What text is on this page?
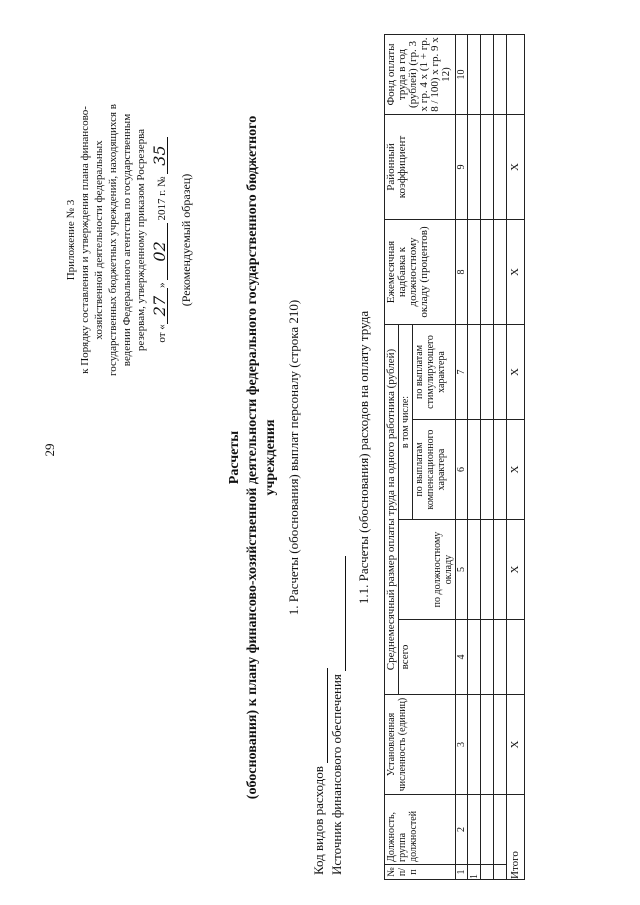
29
Приложение № 3 к Порядку составления и утверждения плана финансово- хозяйственной деятельности федеральных государственных бюджетных учреждений, находящихся в ведении Федерального агентства по государственным резервам, утвержденному приказом Росрезерва от «27» 02 2017 г. № 35
(Рекомендуемый образец)
Расчеты (обоснования) к плану финансово-хозяйственной деятельности федерального государственного бюджетного учреждения 1. Расчеты (обоснования) выплат персоналу (строка 210)
Код видов расходов Источник финансового обеспечения
1.1. Расчеты (обоснования) расходов на оплату труда
№ п/п	Должность, группа должностей	Установленная численность (единиц)	Среднемесячный размер оплаты труда на одного работника (рублей)				Ежемесячная надбавка к должностному окладу (процентов)	Районный коэффициент	Фонд оплаты труда в год (рублей) (гр. 3 х гр. 4 х (1 + гр. 8 / 100) х гр. 9 х 12)
			всего	по должностному окладу	в том числе:				
					по выплатам компенсационного характера	по выплатам стимулирующего характера			
1	2	3	4	5	6	7	8	9	10
1									

Итого		X		X	X	X	X	X	
